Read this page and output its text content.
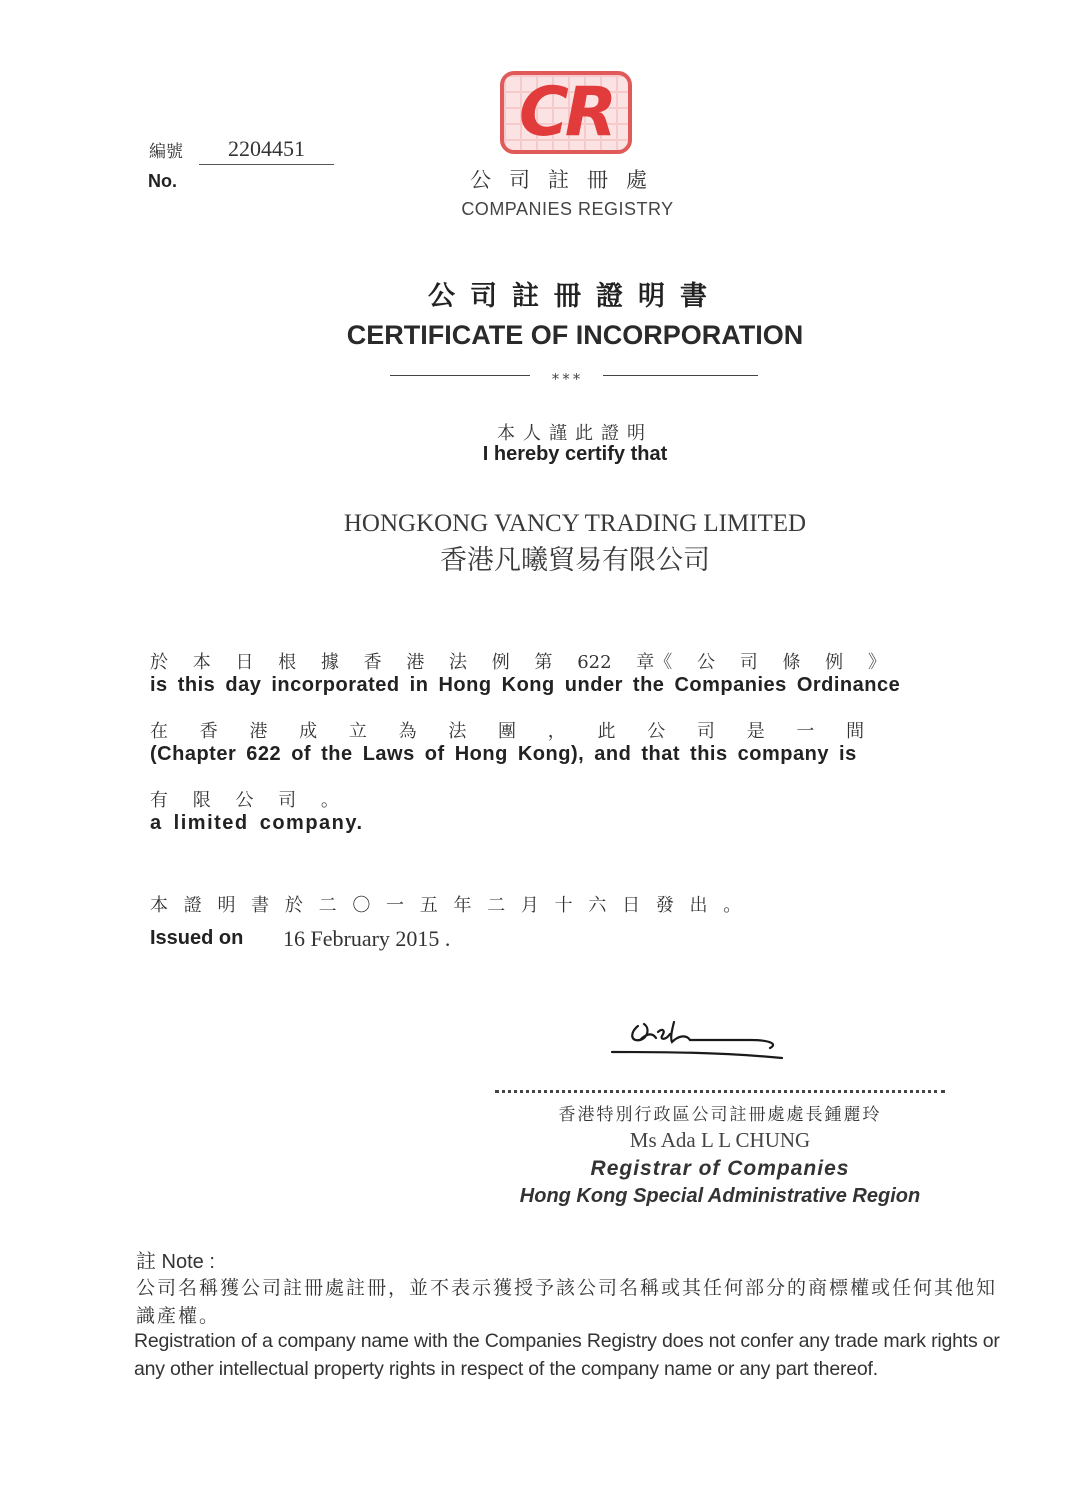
CR
公司註冊處
COMPANIES REGISTRY
編號
No.
2204451
公司註冊證明書
CERTIFICATE OF INCORPORATION
***
本人謹此證明
I hereby certify that
HONGKONG VANCY TRADING LIMITED
香港凡曦貿易有限公司
於 本 日 根 據 香 港 法 例 第 622 章《 公 司 條 例 》
is this day incorporated in Hong Kong under the Companies Ordinance
在 香 港 成 立 為 法 團 ， 此 公 司 是 一 間
(Chapter 622 of the Laws of Hong Kong), and that this company is
有 限 公 司 。
a limited company.
本 證 明 書 於 二 〇 一 五 年 二 月 十 六 日 發 出 。
Issued on 16 February 2015 .
香港特別行政區公司註冊處處長鍾麗玲
Ms Ada L L CHUNG
Registrar of Companies
Hong Kong Special Administrative Region
註 Note :
公司名稱獲公司註冊處註冊，並不表示獲授予該公司名稱或其任何部分的商標權或任何其他知識產權。
Registration of a company name with the Companies Registry does not confer any trade mark rights or any other intellectual property rights in respect of the company name or any part thereof.
